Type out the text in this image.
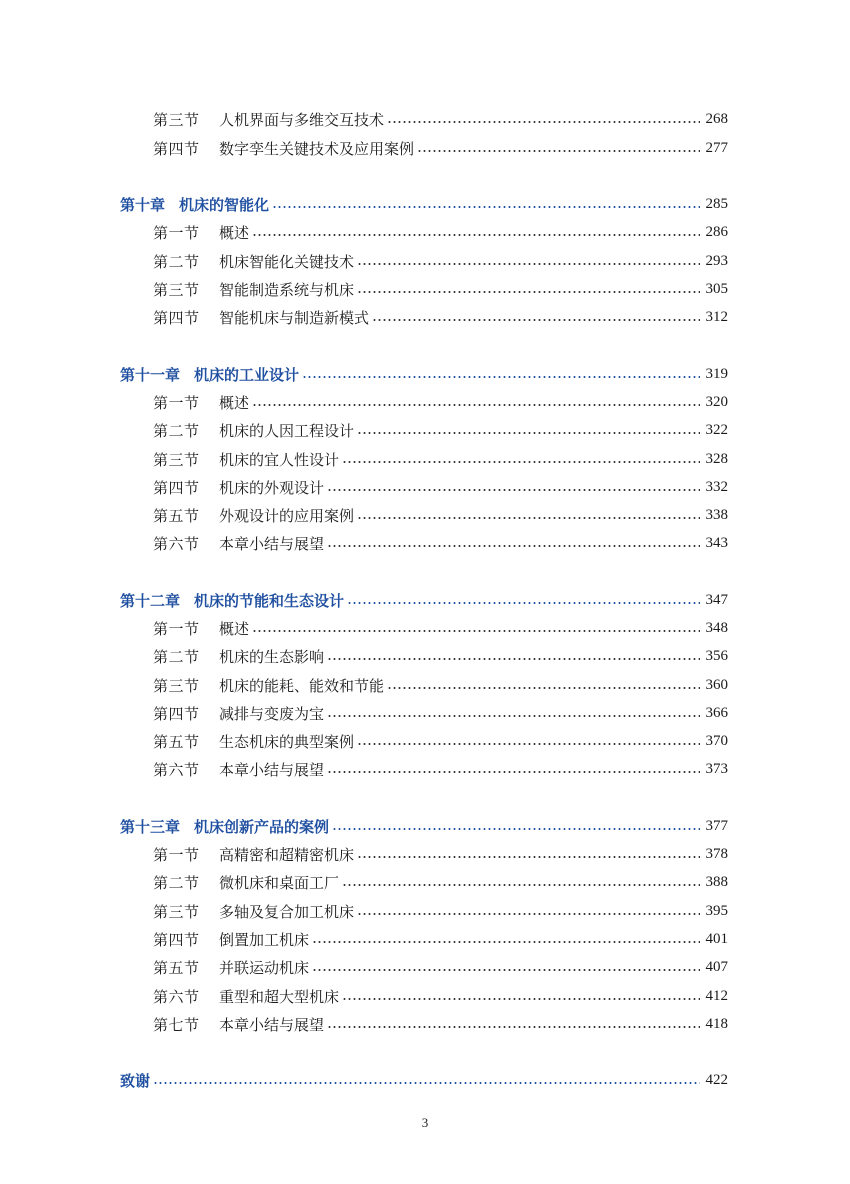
第三节	人机界面与多维交互技术	268
第四节	数字孪生关键技术及应用案例	277
第十章 机床的智能化	285
第一节	概述	286
第二节	机床智能化关键技术	293
第三节	智能制造系统与机床	305
第四节	智能机床与制造新模式	312
第十一章 机床的工业设计	319
第一节	概述	320
第二节	机床的人因工程设计	322
第三节	机床的宜人性设计	328
第四节	机床的外观设计	332
第五节	外观设计的应用案例	338
第六节	本章小结与展望	343
第十二章 机床的节能和生态设计	347
第一节	概述	348
第二节	机床的生态影响	356
第三节	机床的能耗、能效和节能	360
第四节	减排与变废为宝	366
第五节	生态机床的典型案例	370
第六节	本章小结与展望	373
第十三章 机床创新产品的案例	377
第一节	高精密和超精密机床	378
第二节	微机床和桌面工厂	388
第三节	多轴及复合加工机床	395
第四节	倒置加工机床	401
第五节	并联运动机床	407
第六节	重型和超大型机床	412
第七节	本章小结与展望	418
致谢	422
3
